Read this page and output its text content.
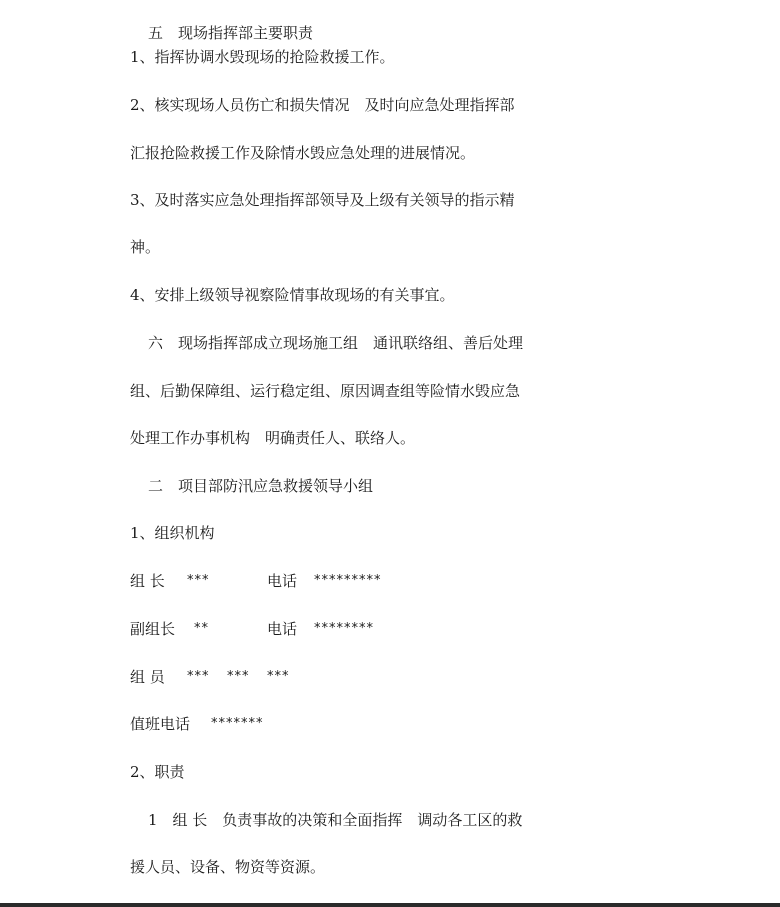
五　现场指挥部主要职责
1、指挥协调水毁现场的抢险救援工作。
2、核实现场人员伤亡和损失情况　及时向应急处理指挥部
汇报抢险救援工作及除情水毁应急处理的进展情况。
3、及时落实应急处理指挥部领导及上级有关领导的指示精
神。
4、安排上级领导视察险情事故现场的有关事宜。
六　现场指挥部成立现场施工组　通讯联络组、善后处理
组、后勤保障组、运行稳定组、原因调查组等险情水毁应急
处理工作办事机构　明确责任人、联络人。
二　项目部防汛应急救援领导小组
1、组织机构
组 长 ***	电话 *********
副组长 **	电话 ********
组 员 *** *** ***
值班电话 *******
2、职责
1　组 长　负责事故的决策和全面指挥　调动各工区的救
援人员、设备、物资等资源。
